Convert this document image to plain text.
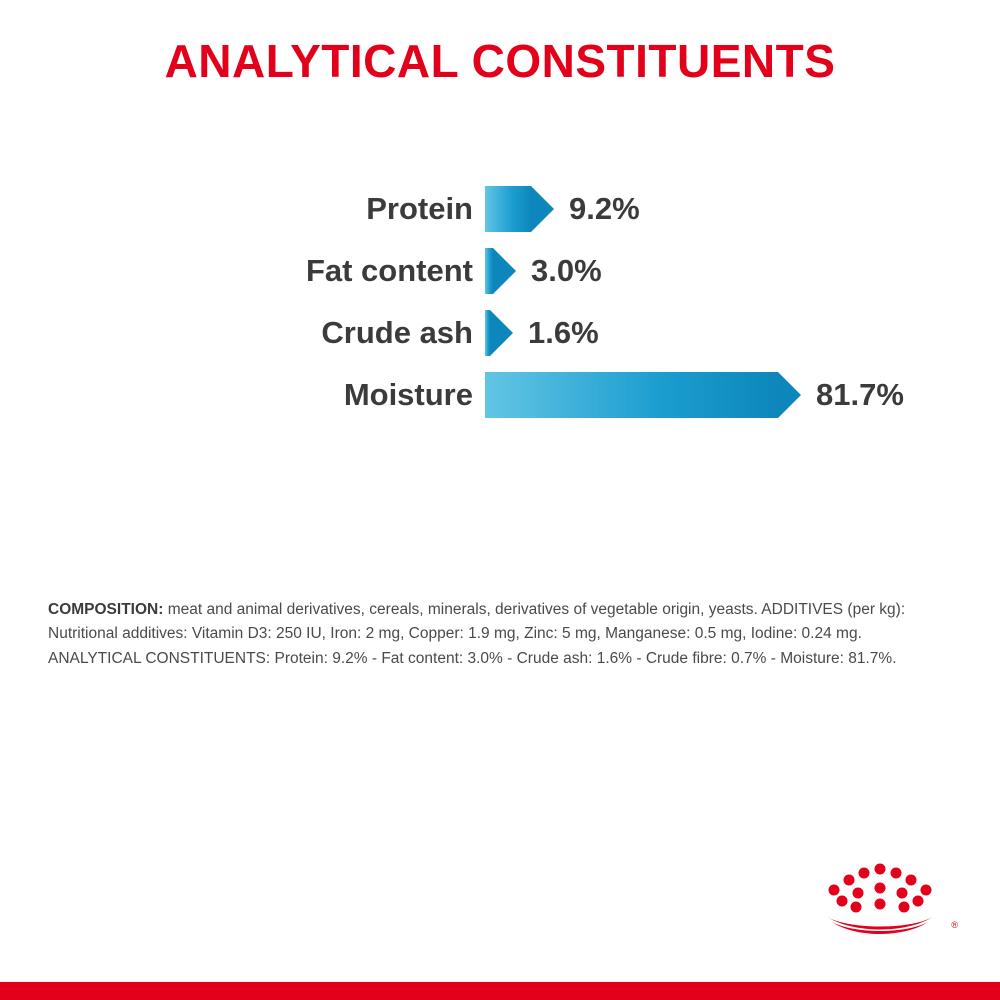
ANALYTICAL CONSTITUENTS
Protein	9.2%
Fat content	3.0%
Crude ash	1.6%
Moisture	81.7%
COMPOSITION: meat and animal derivatives, cereals, minerals, derivatives of vegetable origin, yeasts. ADDITIVES (per kg): Nutritional additives: Vitamin D3: 250 IU, Iron: 2 mg, Copper: 1.9 mg, Zinc: 5 mg, Manganese: 0.5 mg, Iodine: 0.24 mg. ANALYTICAL CONSTITUENTS: Protein: 9.2% - Fat content: 3.0% - Crude ash: 1.6% - Crude fibre: 0.7% - Moisture: 81.7%.
®
